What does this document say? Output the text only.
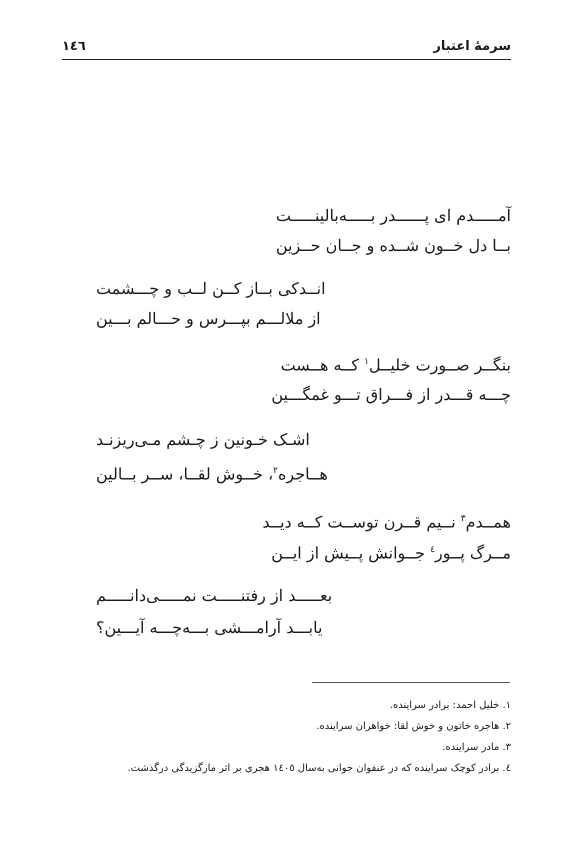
سرمهٔ اعتبار
١٤٦
آمـــــدم ای پــــــدر بـــــه‌بالینـــــت
بــا دل خــون شــده و جــان حــزین
انــدکی بــاز کــن لــب و چـــشمت
از ملالـــم بپـــرس و حـــالم بـــین
بنگــر صــورت خلیــل$^١$ کــه هــست
چـــه قـــدر از فـــراق تـــو غمگـــین
اشـک خـونین ز چـشم مـی‌ریزنـد
هــاجره$^٢$، خــوش لقــا، ســر بــالین
همــدم$^٣$ نــیم قــرن توســت کــه دیــد
مــرگ پــور$^٤$ جــوانش پــیش از ایــن
بعـــــد از رفتنـــــت نمـــــی‌دانـــــم
یابـــد آرامـــشی بـــه‌چـــه آیـــین؟
١. خلیل احمد: برادر سراینده.
٢. هاجره خاتون و خوش لقا: خواهران سراینده.
٣. مادر سراینده.
٤. برادر کوچک سراینده که در عنفوان جوانی به‌سال ١٤٠٥ هجری بر اثر مارگزیدگی درگذشت.
